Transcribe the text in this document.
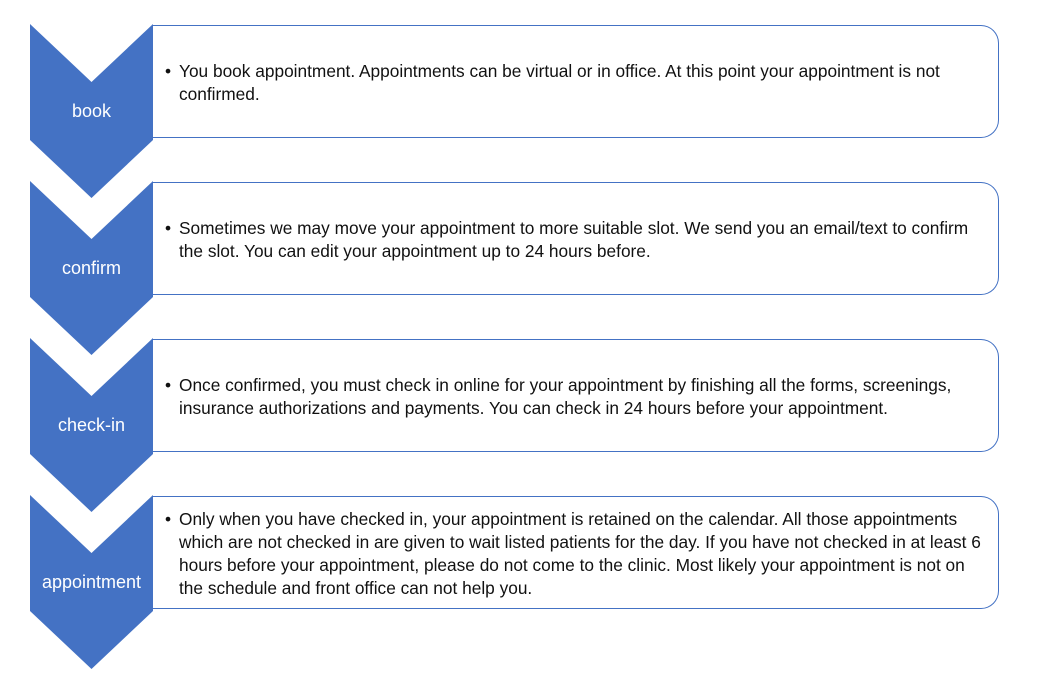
• You book appointment. Appointments can be virtual or in office. At this point your appointment is not confirmed.
book
• Sometimes we may move your appointment to more suitable slot. We send you an email/text to confirm the slot. You can edit your appointment up to 24 hours before.
confirm
• Once confirmed, you must check in online for your appointment by finishing all the forms, screenings, insurance authorizations and payments. You can check in 24 hours before your appointment.
check-in
• Only when you have checked in, your appointment is retained on the calendar. All those appointments which are not checked in are given to wait listed patients for the day. If you have not checked in at least 6 hours before your appointment, please do not come to the clinic. Most likely your appointment is not on the schedule and front office can not help you.
appointment
